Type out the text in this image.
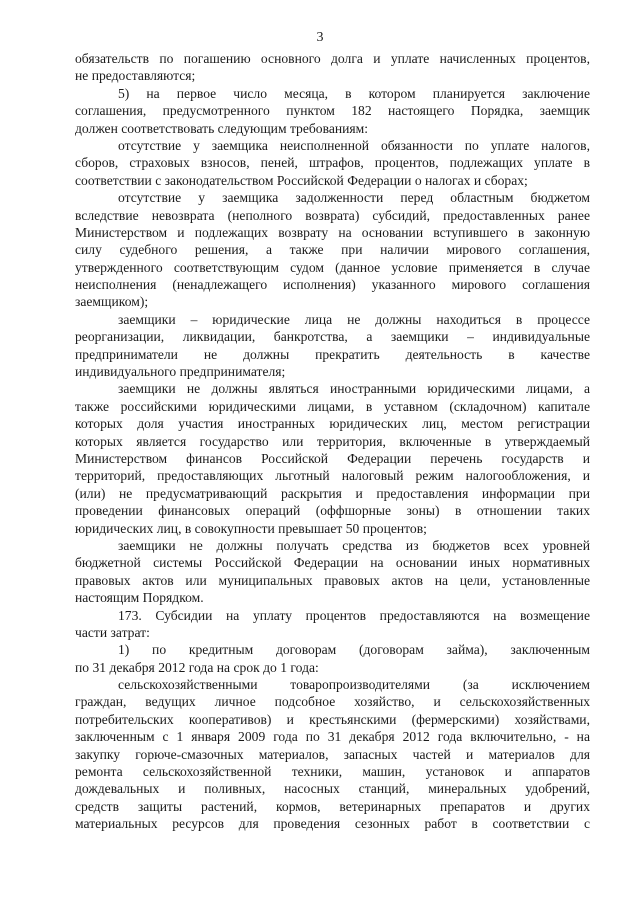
3
обязательств по погашению основного долга и уплате начисленных процентов,
не предоставляются;
5) на первое число месяца, в котором планируется заключение
соглашения, предусмотренного пунктом 182 настоящего Порядка, заемщик
должен соответствовать следующим требованиям:
отсутствие у заемщика неисполненной обязанности по уплате налогов,
сборов, страховых взносов, пеней, штрафов, процентов, подлежащих уплате в
соответствии с законодательством Российской Федерации о налогах и сборах;
отсутствие у заемщика задолженности перед областным бюджетом
вследствие невозврата (неполного возврата) субсидий, предоставленных ранее
Министерством и подлежащих возврату на основании вступившего в законную
силу судебного решения, а также при наличии мирового соглашения,
утвержденного соответствующим судом (данное условие применяется в случае
неисполнения (ненадлежащего исполнения) указанного мирового соглашения
заемщиком);
заемщики – юридические лица не должны находиться в процессе
реорганизации, ликвидации, банкротства, а заемщики – индивидуальные
предприниматели не должны прекратить деятельность в качестве
индивидуального предпринимателя;
заемщики не должны являться иностранными юридическими лицами, а
также российскими юридическими лицами, в уставном (складочном) капитале
которых доля участия иностранных юридических лиц, местом регистрации
которых является государство или территория, включенные в утверждаемый
Министерством финансов Российской Федерации перечень государств и
территорий, предоставляющих льготный налоговый режим налогообложения, и
(или) не предусматривающий раскрытия и предоставления информации при
проведении финансовых операций (оффшорные зоны) в отношении таких
юридических лиц, в совокупности превышает 50 процентов;
заемщики не должны получать средства из бюджетов всех уровней
бюджетной системы Российской Федерации на основании иных нормативных
правовых актов или муниципальных правовых актов на цели, установленные
настоящим Порядком.
173. Субсидии на уплату процентов предоставляются на возмещение
части затрат:
1) по кредитным договорам (договорам займа), заключенным
по 31 декабря 2012 года на срок до 1 года:
сельскохозяйственными товаропроизводителями (за исключением
граждан, ведущих личное подсобное хозяйство, и сельскохозяйственных
потребительских кооперативов) и крестьянскими (фермерскими) хозяйствами,
заключенным с 1 января 2009 года по 31 декабря 2012 года включительно, - на
закупку горюче-смазочных материалов, запасных частей и материалов для
ремонта сельскохозяйственной техники, машин, установок и аппаратов
дождевальных и поливных, насосных станций, минеральных удобрений,
средств защиты растений, кормов, ветеринарных препаратов и других
материальных ресурсов для проведения сезонных работ в соответствии с
